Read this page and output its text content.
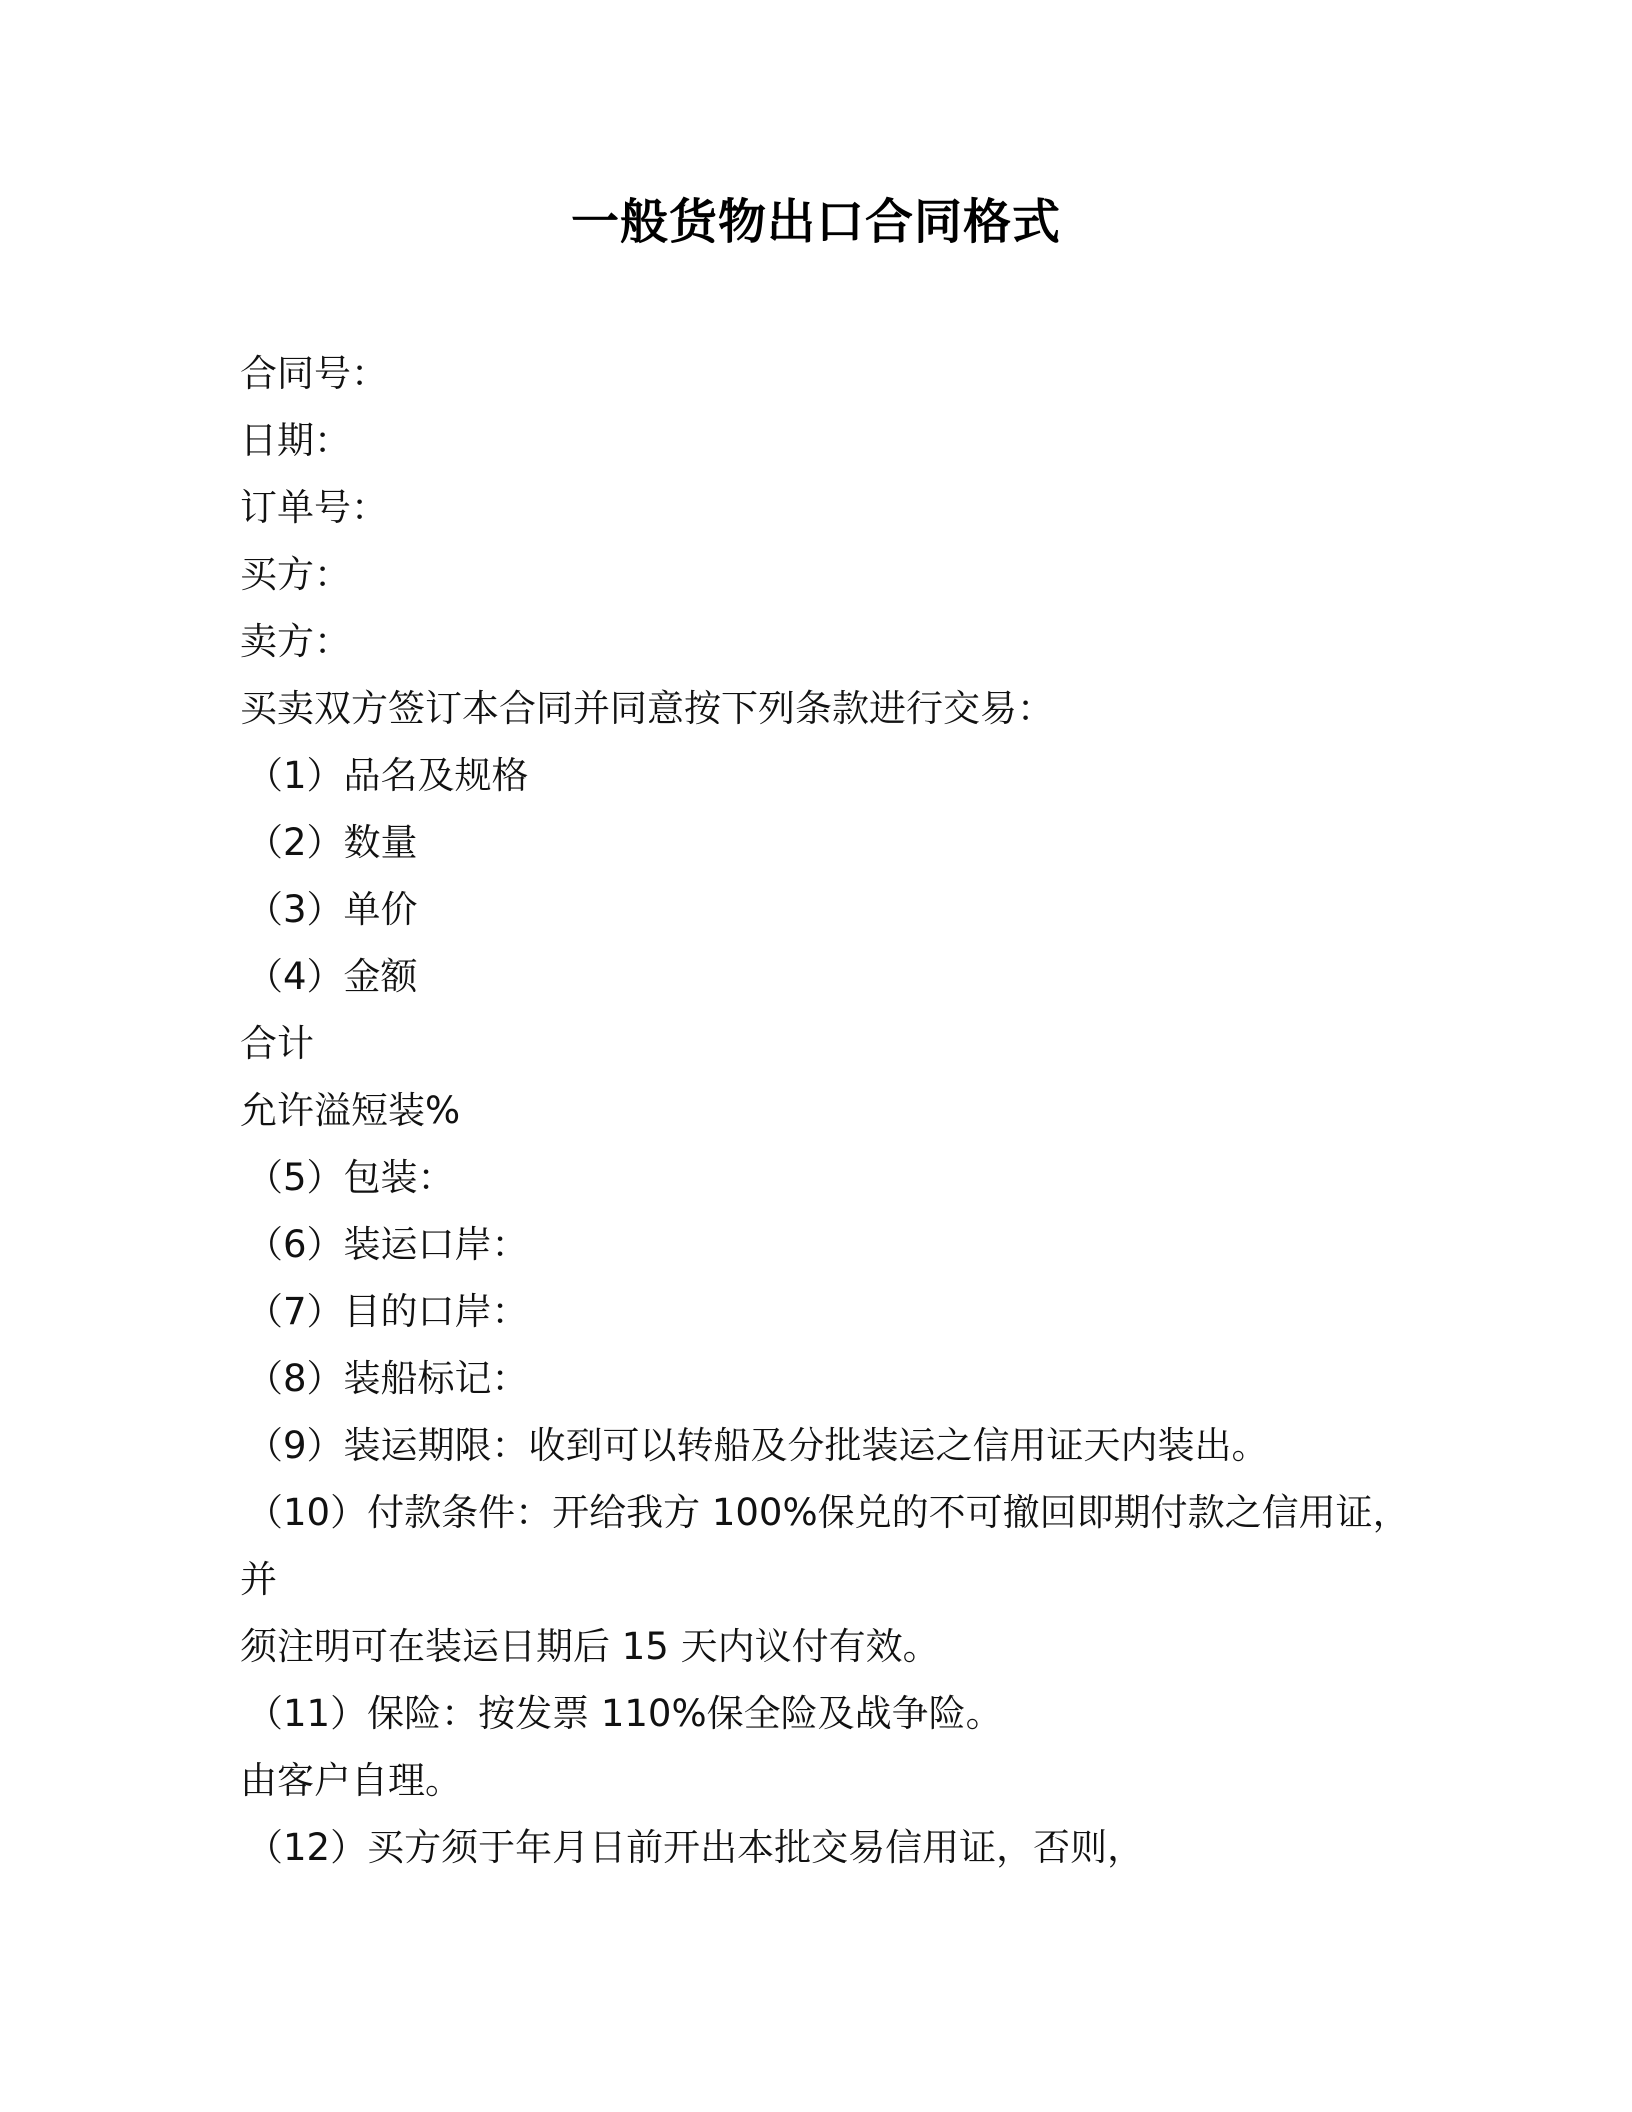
一般货物出口合同格式
合同号：
日期：
订单号：
买方：
卖方：
买卖双方签订本合同并同意按下列条款进行交易：
（1）品名及规格
（2）数量
（3）单价
（4）金额
合计
允许溢短装%
（5）包装：
（6）装运口岸：
（7）目的口岸：
（8）装船标记：
（9）装运期限：收到可以转船及分批装运之信用证天内装出。
（10）付款条件：开给我方 100%保兑的不可撤回即期付款之信用证，
并
须注明可在装运日期后 15 天内议付有效。
（11）保险：按发票 110%保全险及战争险。
由客户自理。
（12）买方须于年月日前开出本批交易信用证，否则，
